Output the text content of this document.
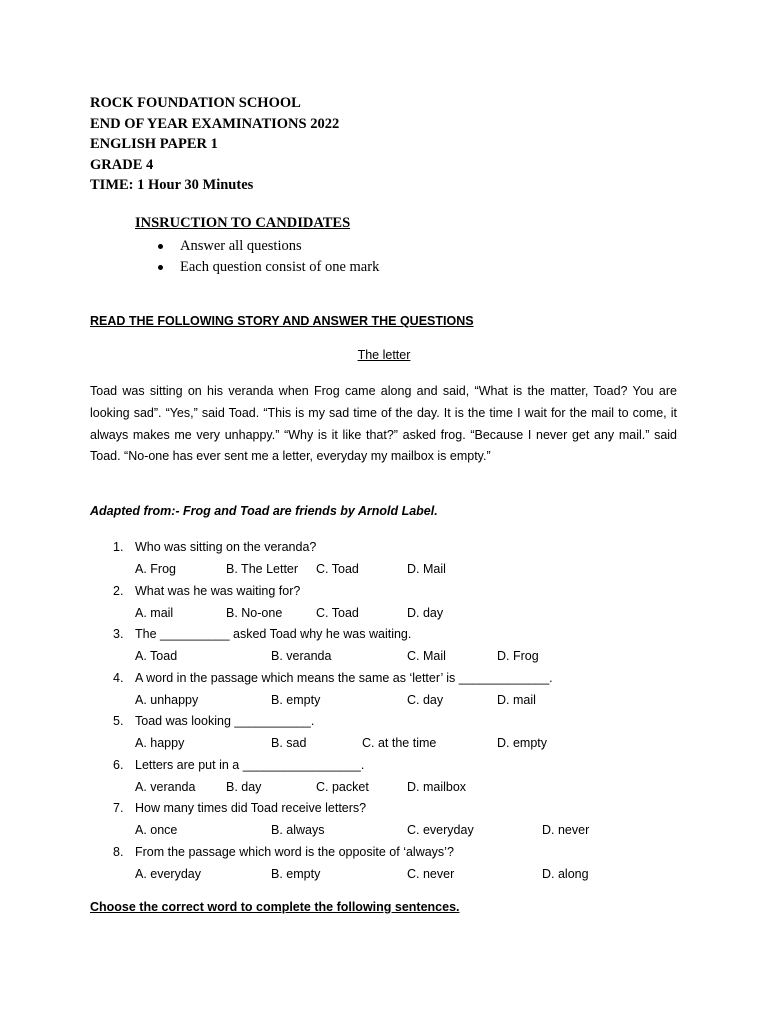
ROCK FOUNDATION SCHOOL
END OF YEAR EXAMINATIONS 2022
ENGLISH PAPER 1
GRADE 4
TIME: 1 Hour 30 Minutes
INSRUCTION TO CANDIDATES
Answer all questions
Each question consist of one mark
READ THE FOLLOWING STORY AND ANSWER THE QUESTIONS
The letter
Toad was sitting on his veranda when Frog came along and said, “What is the matter, Toad? You are looking sad”. “Yes,” said Toad. “This is my sad time of the day. It is the time I wait for the mail to come, it always makes me very unhappy.” “Why is it like that?” asked frog. “Because I never get any mail.” said Toad. “No-one has ever sent me a letter, everyday my mailbox is empty.”
Adapted from:- Frog and Toad are friends by Arnold Label.
1. Who was sitting on the veranda?
A. Frog	B. The Letter C. Toad	D. Mail
2. What was he was waiting for?
A. mail	B. No-one	C. Toad	D. day
3. The __________ asked Toad why he was waiting.
A. Toad	B. veranda	C. Mail	D. Frog
4. A word in the passage which means the same as ‘letter’ is _____________.
A. unhappy	B. empty	C. day	D. mail
5. Toad was looking ___________.
A. happy	B. sad	C. at the time	D. empty
6. Letters are put in a _________________.
A. veranda B. day	C. packet	D. mailbox
7. How many times did Toad receive letters?
A. once	B. always	C. everyday	D. never
8. From the passage which word is the opposite of ‘always’?
A. everyday	B. empty	C. never	D. along
Choose the correct word to complete the following sentences.
